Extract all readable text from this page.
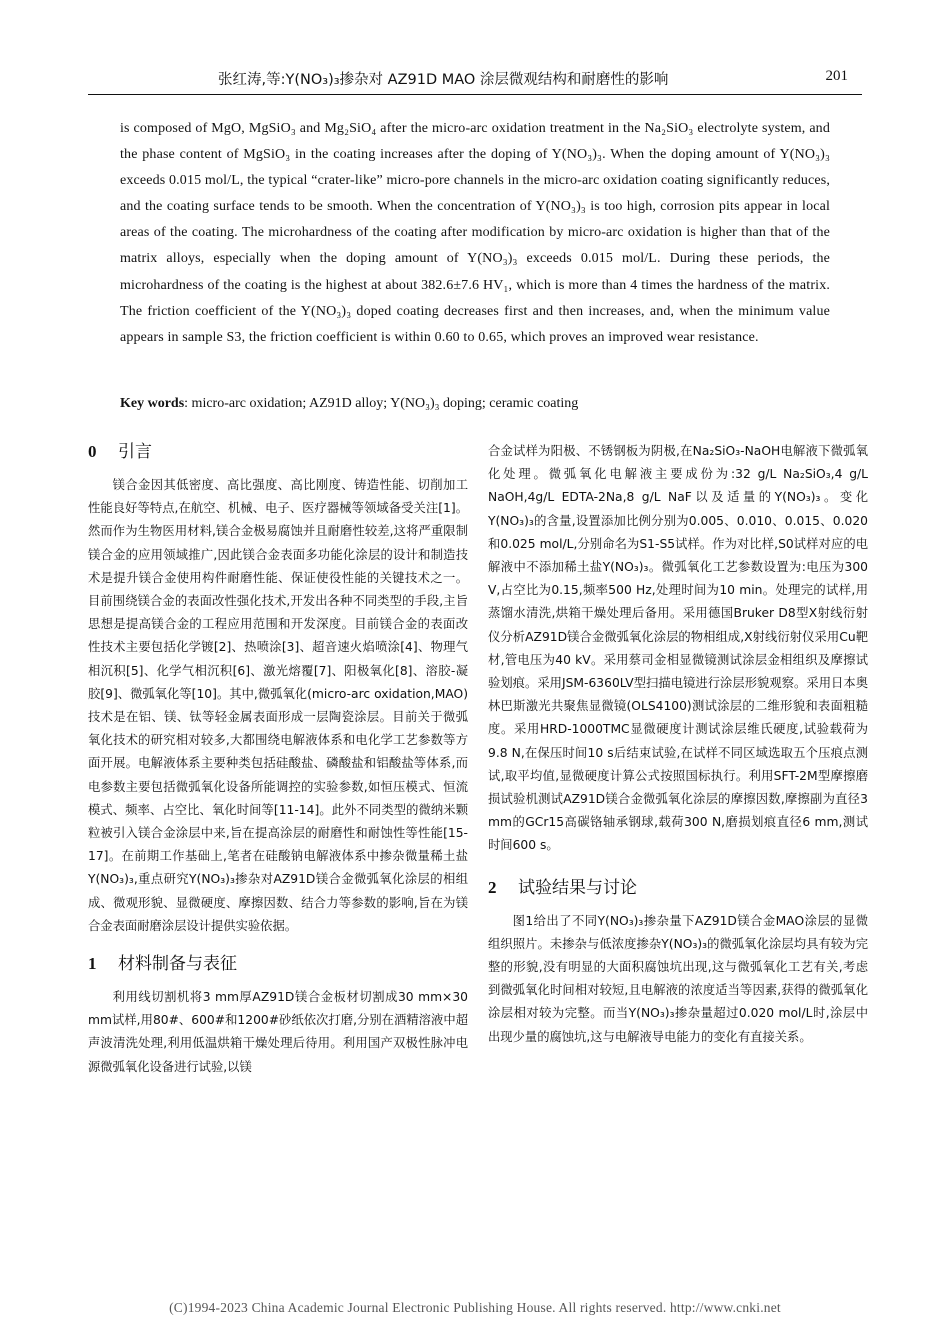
张红涛,等:Y(NO₃)₃掺杂对 AZ91D MAO 涂层微观结构和耐磨性的影响	201

is composed of MgO, MgSiO₃ and Mg₂SiO₄ after the micro-arc oxidation treatment in the Na₂SiO₃ electrolyte system, and the phase content of MgSiO₃ in the coating increases after the doping of Y(NO₃)₃. When the doping amount of Y(NO₃)₃ exceeds 0.015 mol/L, the typical “crater-like” micro-pore channels in the micro-arc oxidation coating significantly reduces, and the coating surface tends to be smooth. When the concentration of Y(NO₃)₃ is too high, corrosion pits appear in local areas of the coating. The microhardness of the coating after modification by micro-arc oxidation is higher than that of the matrix alloys, especially when the doping amount of Y(NO₃)₃ exceeds 0.015 mol/L. During these periods, the microhardness of the coating is the highest at about 382.6±7.6 HV₁, which is more than 4 times the hardness of the matrix. The friction coefficient of the Y(NO₃)₃ doped coating decreases first and then increases, and, when the minimum value appears in sample S3, the friction coefficient is within 0.60 to 0.65, which proves an improved wear resistance.

Key words: micro-arc oxidation; AZ91D alloy; Y(NO₃)₃ doping; ceramic coating
0 引言

镁合金因其低密度、高比强度、高比刚度、铸造性能、切削加工性能良好等特点,在航空、机械、电子、医疗器械等领域备受关注[1]。然而作为生物医用材料,镁合金极易腐蚀并且耐磨性较差,这将严重限制镁合金的应用领域推广,因此镁合金表面多功能化涂层的设计和制造技术是提升镁合金使用构件耐磨性能、保证使役性能的关键技术之一。目前围绕镁合金的表面改性强化技术,开发出各种不同类型的手段,主旨思想是提高镁合金的工程应用范围和开发深度。目前镁合金的表面改性技术主要包括化学镀[2]、热喷涂[3]、超音速火焰喷涂[4]、物理气相沉积[5]、化学气相沉积[6]、激光熔覆[7]、阳极氧化[8]、溶胶-凝胶[9]、微弧氧化等[10]。其中,微弧氧化(micro-arc oxidation,MAO)技术是在铝、镁、钛等轻金属表面形成一层陶瓷涂层。目前关于微弧氧化技术的研究相对较多,大都围绕电解液体系和电化学工艺参数等方面开展。电解液体系主要种类包括硅酸盐、磷酸盐和铝酸盐等体系,而电参数主要包括微弧氧化设备所能调控的实验参数,如恒压模式、恒流模式、频率、占空比、氧化时间等[11-14]。此外不同类型的微纳米颗粒被引入镁合金涂层中来,旨在提高涂层的耐磨性和耐蚀性等性能[15-17]。在前期工作基础上,笔者在硅酸钠电解液体系中掺杂微量稀土盐Y(NO₃)₃,重点研究Y(NO₃)₃掺杂对AZ91D镁合金微弧氧化涂层的相组成、微观形貌、显微硬度、摩擦因数、结合力等参数的影响,旨在为镁合金表面耐磨涂层设计提供实验依据。

1 材料制备与表征

利用线切割机将3 mm厚AZ91D镁合金板材切割成30 mm×30 mm试样,用80#、600#和1200#砂纸依次打磨,分别在酒精溶液中超声波清洗处理,利用低温烘箱干燥处理后待用。利用国产双极性脉冲电源微弧氧化设备进行试验,以镁

合金试样为阳极、不锈钢板为阴极,在Na₂SiO₃-NaOH电解液下微弧氧化处理。微弧氧化电解液主要成份为:32 g/L Na₂SiO₃,4 g/L NaOH,4g/L EDTA-2Na,8 g/L NaF以及适量的Y(NO₃)₃。变化Y(NO₃)₃的含量,设置添加比例分别为0.005、0.010、0.015、0.020和0.025 mol/L,分别命名为S1-S5试样。作为对比样,S0试样对应的电解液中不添加稀土盐Y(NO₃)₃。微弧氧化工艺参数设置为:电压为300 V,占空比为0.15,频率500 Hz,处理时间为10 min。处理完的试样,用蒸馏水清洗,烘箱干燥处理后备用。采用德国Bruker D8型X射线衍射仪分析AZ91D镁合金微弧氧化涂层的物相组成,X射线衍射仪采用Cu靶材,管电压为40 kV。采用蔡司金相显微镜测试涂层金相组织及摩擦试验划痕。采用JSM-6360LV型扫描电镜进行涂层形貌观察。采用日本奥林巴斯激光共聚焦显微镜(OLS4100)测试涂层的二维形貌和表面粗糙度。采用HRD-1000TMC显微硬度计测试涂层维氏硬度,试验载荷为9.8 N,在保压时间10 s后结束试验,在试样不同区域选取五个压痕点测试,取平均值,显微硬度计算公式按照国标执行。利用SFT-2M型摩擦磨损试验机测试AZ91D镁合金微弧氧化涂层的摩擦因数,摩擦副为直径3 mm的GCr15高碳铬轴承钢球,载荷300 N,磨损划痕直径6 mm,测试时间600 s。

2 试验结果与讨论

图1给出了不同Y(NO₃)₃掺杂量下AZ91D镁合金MAO涂层的显微组织照片。未掺杂与低浓度掺杂Y(NO₃)₃的微弧氧化涂层均具有较为完整的形貌,没有明显的大面积腐蚀坑出现,这与微弧氧化工艺有关,考虑到微弧氧化时间相对较短,且电解液的浓度适当等因素,获得的微弧氧化涂层相对较为完整。而当Y(NO₃)₃掺杂量超过0.020 mol/L时,涂层中出现少量的腐蚀坑,这与电解液导电能力的变化有直接关系。

(C)1994-2023 China Academic Journal Electronic Publishing House. All rights reserved. http://www.cnki.net
